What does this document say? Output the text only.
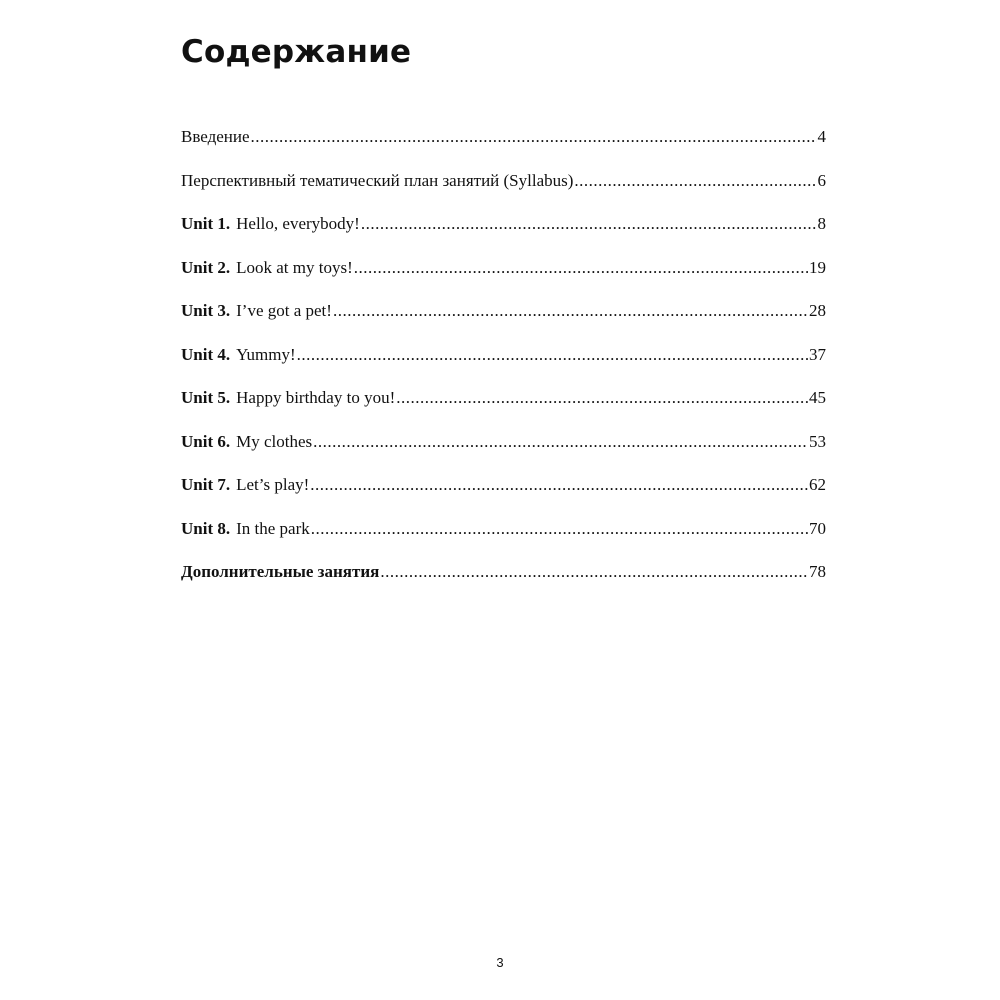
Содержание
Введение .....	4
Перспективный тематический план занятий (Syllabus) .....	6
Unit 1. Hello, everybody! .....	8
Unit 2. Look at my toys! .....	19
Unit 3. I’ve got a pet! .....	28
Unit 4. Yummy! .....	37
Unit 5. Happy birthday to you! .....	45
Unit 6. My clothes .....	53
Unit 7. Let’s play! .....	62
Unit 8. In the park .....	70
Дополнительные занятия .....	78
3
